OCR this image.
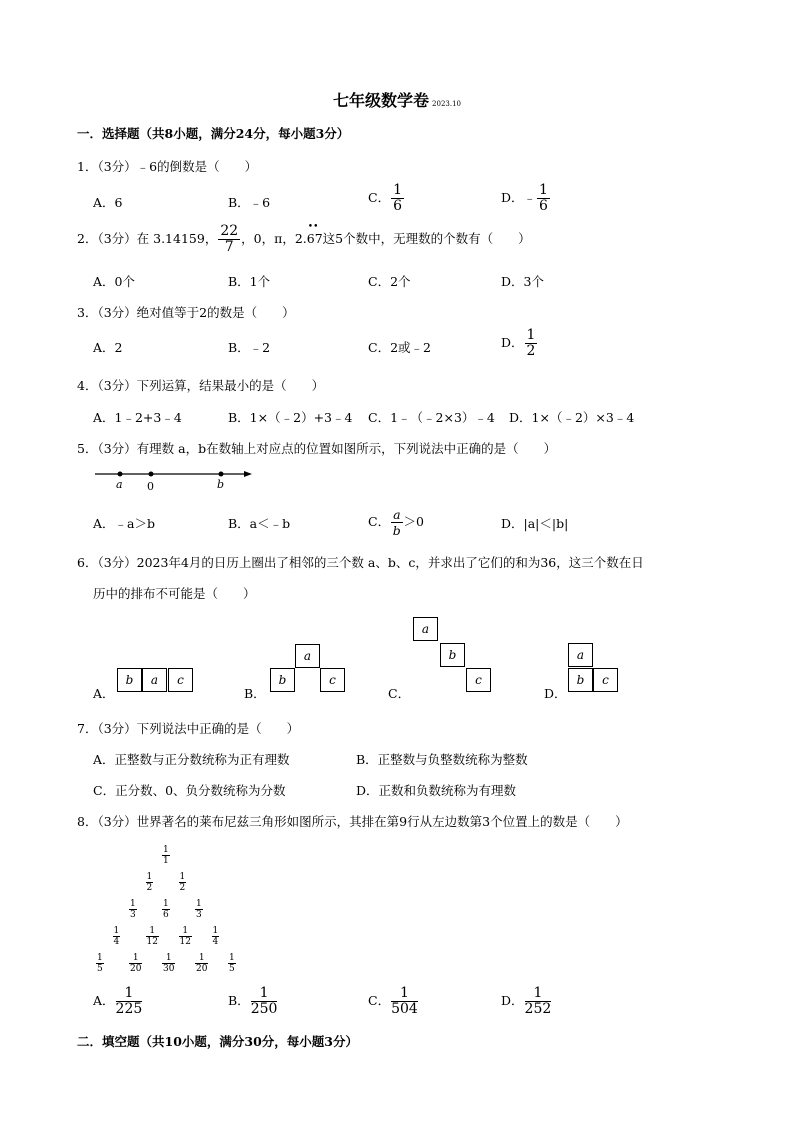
七年级数学卷 2023.10
一．选择题（共8小题，满分24分，每小题3分）
1．（3分）﹣6的倒数是（　　）
A．6	B．﹣6	C． $\frac{1}{6}$	D．﹣ $\frac{1}{6}$
2．（3分）在 3.14159， $\frac{22}{7}$ ，0，π，2.
••
67这5个数中，无理数的个数有（　　）
A．0个	B．1个	C．2个	D．3个
3．（3分）绝对值等于2的数是（　　）
A．2	B．﹣2	C．2或﹣2	D． $\frac{1}{2}$
4．（3分）下列运算，结果最小的是（　　）
A．1﹣2+3﹣4	B．1×（﹣2）+3﹣4 C．1﹣（﹣2×3）﹣4 D．1×（﹣2）×3﹣4
5．（3分）有理数 a，b在数轴上对应点的位置如图所示，下列说法中正确的是（　　）
a 0	b
A．﹣a＞b	B．a＜﹣b	C． $\frac{a}{b} >0$	D．|a|＜|b|
6．（3分）2023年4月的日历上圈出了相邻的三个数 a、b、c，并求出了它们的和为36，这三个数在日
历中的排布不可能是（　　）
A．
b	a	c
B．
a
b	c
C．
a
b
c
D．
a
b	c
7．（3分）下列说法中正确的是（　　）
A．正整数与正分数统称为正有理数	B．正整数与负整数统称为整数
C．正分数、0、负分数统称为分数	D．正数和负数统称为有理数
8．（3分）世界著名的莱布尼兹三角形如图所示，其排在第9行从左边数第3个位置上的数是（　　）
$\frac{1}{1}$
$\frac{1}{2}$	$\frac{1}{2}$
$\frac{1}{3}$	$\frac{1}{6}$	$\frac{1}{3}$
$\frac{1}{4}$	$\frac{1}{12} \frac{1}{12} \frac{1}{4}$
$\frac{1}{5}$	$\frac{1}{20} \frac{1}{30} \frac{1}{20} \frac{1}{5}$
A． $\frac{1}{225}$	B． $\frac{1}{250}$	C． $\frac{1}{504}$	D． $\frac{1}{252}$
二．填空题（共10小题，满分30分，每小题3分）
